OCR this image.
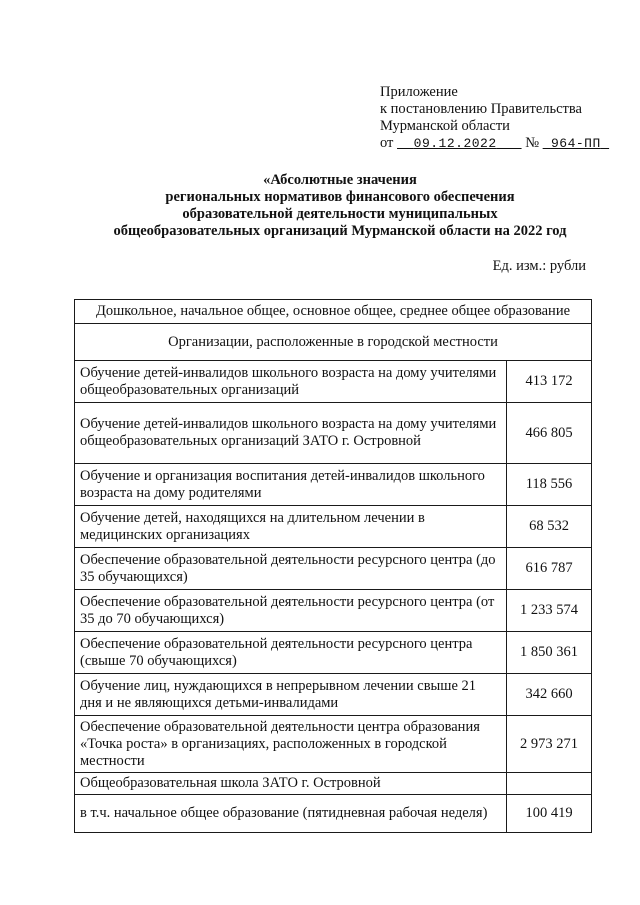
Приложение
к постановлению Правительства
Мурманской области
от 09.12.2022 № 964-ПП
«Абсолютные значения
региональных нормативов финансового обеспечения
образовательной деятельности муниципальных
общеобразовательных организаций Мурманской области на 2022 год
Ед. изм.: рубли
Дошкольное, начальное общее, основное общее, среднее общее образование	
Организации, расположенные в городской местности	
Обучение детей-инвалидов школьного возраста на дому учителями общеобразовательных организаций	413 172
Обучение детей-инвалидов школьного возраста на дому учителями общеобразовательных организаций ЗАТО г. Островной	466 805
Обучение и организация воспитания детей-инвалидов школьного возраста на дому родителями	118 556
Обучение детей, находящихся на длительном лечении в медицинских организациях	68 532
Обеспечение образовательной деятельности ресурсного центра (до 35 обучающихся)	616 787
Обеспечение образовательной деятельности ресурсного центра (от 35 до 70 обучающихся)	1 233 574
Обеспечение образовательной деятельности ресурсного центра (свыше 70 обучающихся)	1 850 361
Обучение лиц, нуждающихся в непрерывном лечении свыше 21 дня и не являющихся детьми-инвалидами	342 660
Обеспечение образовательной деятельности центра образования «Точка роста» в организациях, расположенных в городской местности	2 973 271
Общеобразовательная школа ЗАТО г. Островной	
в т.ч. начальное общее образование (пятидневная рабочая неделя)	100 419
